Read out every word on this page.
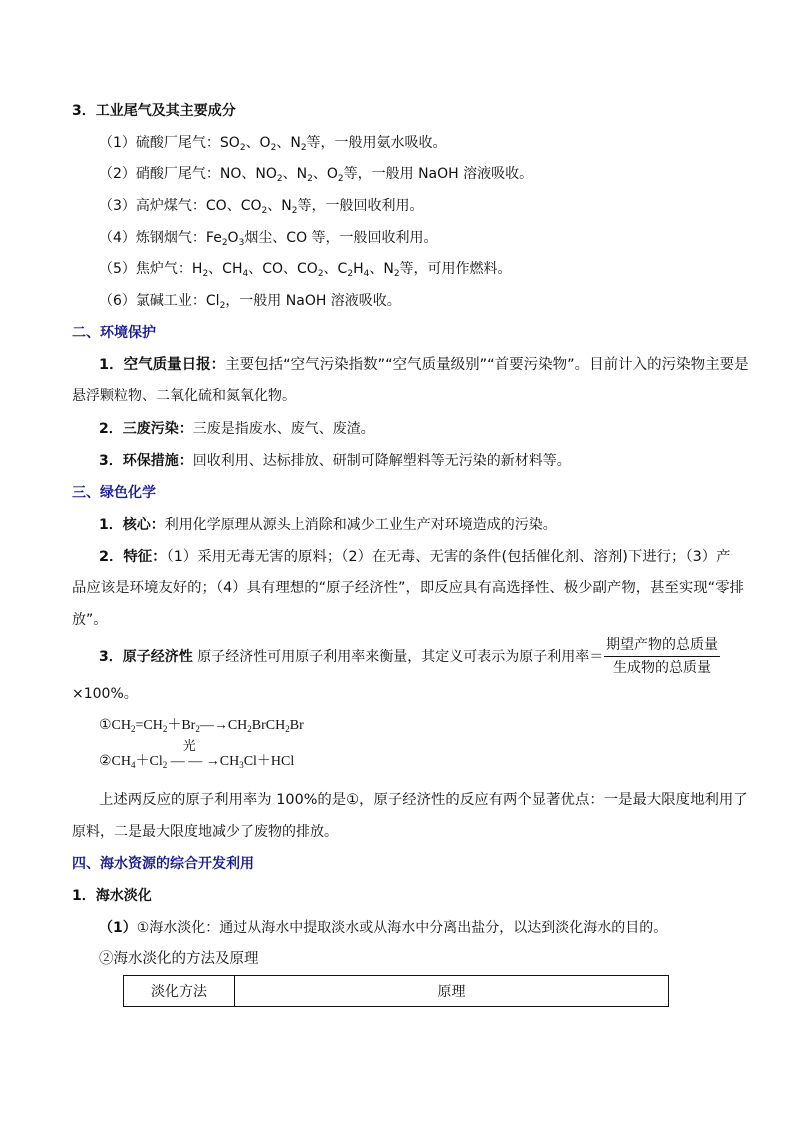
3．工业尾气及其主要成分
（1）硫酸厂尾气：$SO_2$、$O_2$、$N_2$等，一般用氨水吸收。
（2）硝酸厂尾气：NO、$NO_2$、$N_2$、$O_2$等，一般用 NaOH 溶液吸收。
（3）高炉煤气：CO、$CO_2$、$N_2$等，一般回收利用。
（4）炼钢烟气：$Fe_2O_3$烟尘、CO 等，一般回收利用。
（5）焦炉气：$H_2$、$CH_4$、CO、$CO_2$、$C_2H_4$、$N_2$等，可用作燃料。
（6）氯碱工业：$Cl_2$，一般用 NaOH 溶液吸收。
二、环境保护
1．空气质量日报：主要包括“空气污染指数”“空气质量级别”“首要污染物”。目前计入的污染物主要是
悬浮颗粒物、二氧化硫和氮氧化物。
2．三废污染：三废是指废水、废气、废渣。
3．环保措施：回收利用、达标排放、研制可降解塑料等无污染的新材料等。
三、绿色化学
1．核心：利用化学原理从源头上消除和减少工业生产对环境造成的污染。
2．特征：（1）采用无毒无害的原料；（2）在无毒、无害的条件(包括催化剂、溶剂)下进行；（3）产
品应该是环境友好的；（4）具有理想的“原子经济性”，即反应具有高选择性、极少副产物，甚至实现“零排
放”。
3．原子经济性 原子经济性可用原子利用率来衡量，其定义可表示为原子利用率＝
期望产物的总质量
生成物的总质量
×100%。
$①CH_2=CH_2+Br_2—\to CH_2BrCH_2Br$
$②CH_4+Cl_2$
光
— — $\to CH_3Cl+HCl$
上述两反应的原子利用率为 100%的是①，原子经济性的反应有两个显著优点：一是最大限度地利用了
原料，二是最大限度地减少了废物的排放。
四、海水资源的综合开发利用
1．海水淡化
（1）①海水淡化：通过从海水中提取淡水或从海水中分离出盐分，以达到淡化海水的目的。
②海水淡化的方法及原理
淡化方法	原理
